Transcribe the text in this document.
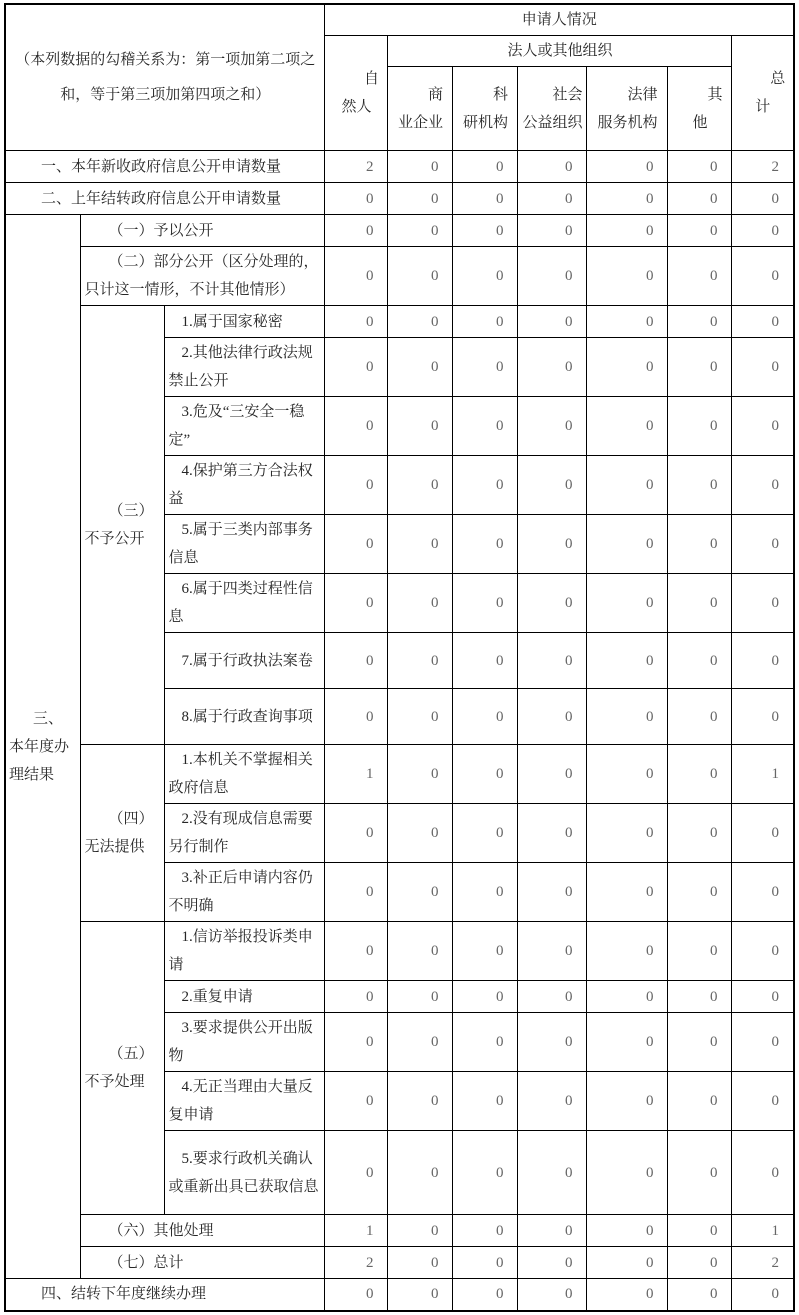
（本列数据的勾稽关系为：第一项加第二项之和，等于第三项加第四项之和）			申请人情况						
			自然人	法人或其他组织					总计
				商业企业	科研机构	社会公益组织	法律服务机构	其他	
一、本年新收政府信息公开申请数量			2	0	0	0	0	0	2
二、上年结转政府信息公开申请数量			0	0	0	0	0	0	0
三、本年度办理结果	（一）予以公开		0	0	0	0	0	0	0
	（二）部分公开（区分处理的，只计这一情形，不计其他情形）		0	0	0	0	0	0	0
	（三）不予公开	1.属于国家秘密	0	0	0	0	0	0	0
		2.其他法律行政法规禁止公开	0	0	0	0	0	0	0
		3.危及“三安全一稳定”	0	0	0	0	0	0	0
		4.保护第三方合法权益	0	0	0	0	0	0	0
		5.属于三类内部事务信息	0	0	0	0	0	0	0
		6.属于四类过程性信息	0	0	0	0	0	0	0
		7.属于行政执法案卷	0	0	0	0	0	0	0
		8.属于行政查询事项	0	0	0	0	0	0	0
	（四）无法提供	1.本机关不掌握相关政府信息	1	0	0	0	0	0	1
		2.没有现成信息需要另行制作	0	0	0	0	0	0	0
		3.补正后申请内容仍不明确	0	0	0	0	0	0	0
	（五）不予处理	1.信访举报投诉类申请	0	0	0	0	0	0	0
		2.重复申请	0	0	0	0	0	0	0
		3.要求提供公开出版物	0	0	0	0	0	0	0
		4.无正当理由大量反复申请	0	0	0	0	0	0	0
		5.要求行政机关确认或重新出具已获取信息	0	0	0	0	0	0	0
	（六）其他处理		1	0	0	0	0	0	1
	（七）总计		2	0	0	0	0	0	2
四、结转下年度继续办理			0	0	0	0	0	0	0
